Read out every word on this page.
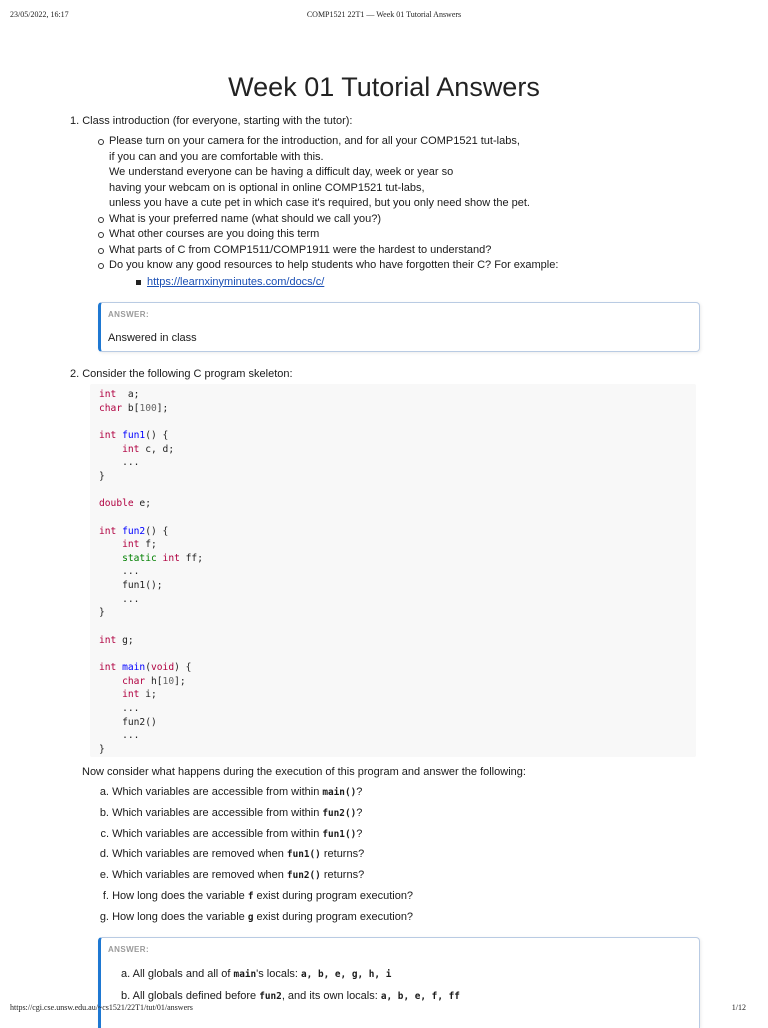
23/05/2022, 16:17	COMP1521 22T1 — Week 01 Tutorial Answers
Week 01 Tutorial Answers
1. Class introduction (for everyone, starting with the tutor):
Please turn on your camera for the introduction, and for all your COMP1521 tut-labs,
if you can and you are comfortable with this.
We understand everyone can be having a difficult day, week or year so
having your webcam on is optional in online COMP1521 tut-labs,
unless you have a cute pet in which case it's required, but you only need show the pet.
What is your preferred name (what should we call you?)
What other courses are you doing this term
What parts of C from COMP1511/COMP1911 were the hardest to understand?
Do you know any good resources to help students who have forgotten their C? For example:
https://learnxinyminutes.com/docs/c/
ANSWER:
Answered in class
2. Consider the following C program skeleton:
int  a;
char b[100];
int fun1() {
int c, d;
...
}
double e;
int fun2() {
int f;
static int ff;
...
fun1();
...
}
int g;
int main(void) {
char h[10];
int i;
...
fun2()
...
}
Now consider what happens during the execution of this program and answer the following:
a. Which variables are accessible from within main()?
b. Which variables are accessible from within fun2()?
c. Which variables are accessible from within fun1()?
d. Which variables are removed when fun1() returns?
e. Which variables are removed when fun2() returns?
f. How long does the variable f exist during program execution?
g. How long does the variable g exist during program execution?
ANSWER:
a. All globals and all of main's locals: a, b, e, g, h, i
b. All globals defined before fun2, and its own locals: a, b, e, f, ff
https://cgi.cse.unsw.edu.au/~cs1521/22T1/tut/01/answers	1/12
